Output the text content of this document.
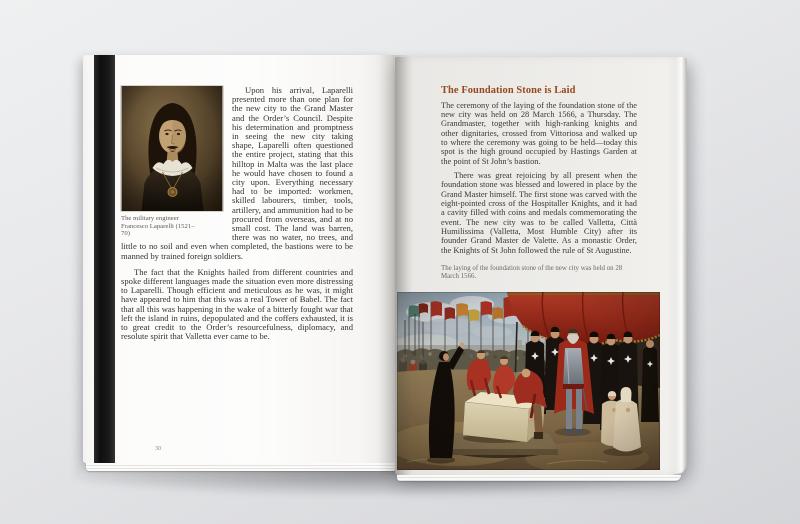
The military engineer Francesco Laparelli (1521–70)

Upon his arrival, Laparelli presented more than one plan for the new city to the Grand Master and the Order’s Council. Despite his determination and promptness in seeing the new city taking shape, Laparelli often questioned the entire project, stating that this hilltop in Malta was the last place he would have chosen to found a city upon. Everything necessary had to be imported: workmen, skilled labourers, timber, tools, artillery, and ammunition had to be procured from overseas, and at no small cost. The land was barren, there was no water, no trees, and little to no soil and even when completed, the bastions were to be manned by trained foreign soldiers.

The fact that the Knights hailed from different countries and spoke different languages made the situation even more distressing to Laparelli. Though efficient and meticulous as he was, it might have appeared to him that this was a real Tower of Babel. The fact that all this was happening in the wake of a bitterly fought war that left the island in ruins, depopulated and the coffers exhausted, it is to great credit to the Order’s resourcefulness, diplomacy, and resolute spirit that Valletta ever came to be.

30
The Foundation Stone is Laid

The ceremony of the laying of the foundation stone of the new city was held on 28 March 1566, a Thursday. The Grandmaster, together with high-ranking knights and other dignitaries, crossed from Vittoriosa and walked up to where the ceremony was going to be held—today this spot is the high ground occupied by Hastings Garden at the point of St John’s bastion.

There was great rejoicing by all present when the foundation stone was blessed and lowered in place by the Grand Master himself. The first stone was carved with the eight-pointed cross of the Hospitaller Knights, and it had a cavity filled with coins and medals commemorating the event. The new city was to be called Valletta, Città Humilissima (Valletta, Most Humble City) after its founder Grand Master de Valette. As a monastic Order, the Knights of St John followed the rule of St Augustine.

The laying of the foundation stone of the new city was held on 28 March 1566.
